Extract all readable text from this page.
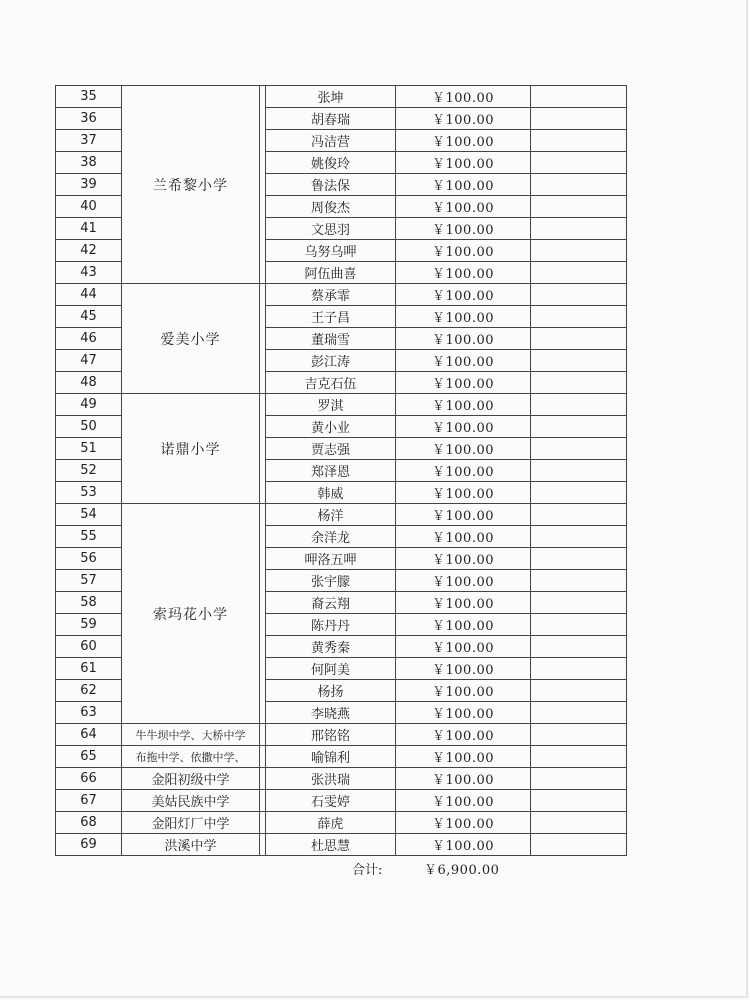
35	兰希黎小学		张坤	￥100.00	
36			胡春瑞	￥100.00	
37			冯洁营	￥100.00	
38			姚俊玲	￥100.00	
39			鲁法保	￥100.00	
40			周俊杰	￥100.00	
41			文思羽	￥100.00	
42			乌努乌呷	￥100.00	
43			阿伍曲喜	￥100.00	
44	爱美小学		蔡承霏	￥100.00	
45			王子昌	￥100.00	
46			董瑞雪	￥100.00	
47			彭江涛	￥100.00	
48			吉克石伍	￥100.00	
49	诺鼎小学		罗淇	￥100.00	
50			黄小业	￥100.00	
51			贾志强	￥100.00	
52			郑泽恩	￥100.00	
53			韩威	￥100.00	
54	索玛花小学		杨洋	￥100.00	
55			余洋龙	￥100.00	
56			呷洛五呷	￥100.00	
57			张宇朦	￥100.00	
58			裔云翔	￥100.00	
59			陈丹丹	￥100.00	
60			黄秀秦	￥100.00	
61			何阿美	￥100.00	
62			杨扬	￥100.00	
63			李晓燕	￥100.00	
64	牛牛坝中学、大桥中学		邢铭铭	￥100.00	
65	布拖中学、依撒中学、		喻锦利	￥100.00	
66	金阳初级中学		张洪瑞	￥100.00	
67	美姑民族中学		石雯婷	￥100.00	
68	金阳灯厂中学		薛虎	￥100.00	
69	洪溪中学		杜思慧	￥100.00	
合计:	￥6,900.00
